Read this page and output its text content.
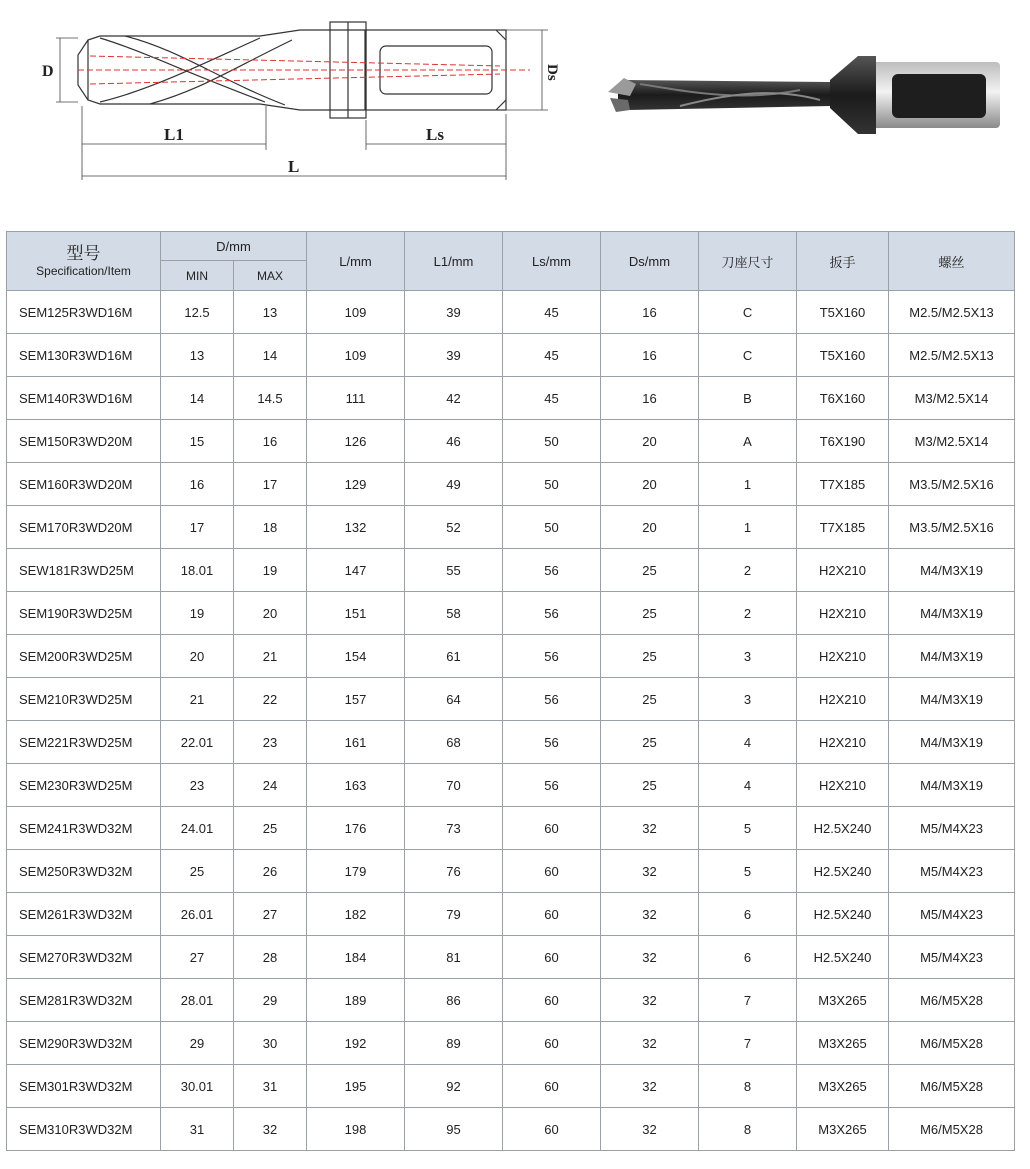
D	Ds
L1	Ls
L
型号
Specification/Item	D/mm		L/mm	L1/mm	Ls/mm	Ds/mm	刀座尺寸	扳手	螺丝
	MIN	MAX							
SEM125R3WD16M	12.5	13	109	39	45	16	C	T5X160	M2.5/M2.5X13
SEM130R3WD16M	13	14	109	39	45	16	C	T5X160	M2.5/M2.5X13
SEM140R3WD16M	14	14.5	111	42	45	16	B	T6X160	M3/M2.5X14
SEM150R3WD20M	15	16	126	46	50	20	A	T6X190	M3/M2.5X14
SEM160R3WD20M	16	17	129	49	50	20	1	T7X185	M3.5/M2.5X16
SEM170R3WD20M	17	18	132	52	50	20	1	T7X185	M3.5/M2.5X16
SEW181R3WD25M	18.01	19	147	55	56	25	2	H2X210	M4/M3X19
SEM190R3WD25M	19	20	151	58	56	25	2	H2X210	M4/M3X19
SEM200R3WD25M	20	21	154	61	56	25	3	H2X210	M4/M3X19
SEM210R3WD25M	21	22	157	64	56	25	3	H2X210	M4/M3X19
SEM221R3WD25M	22.01	23	161	68	56	25	4	H2X210	M4/M3X19
SEM230R3WD25M	23	24	163	70	56	25	4	H2X210	M4/M3X19
SEM241R3WD32M	24.01	25	176	73	60	32	5	H2.5X240	M5/M4X23
SEM250R3WD32M	25	26	179	76	60	32	5	H2.5X240	M5/M4X23
SEM261R3WD32M	26.01	27	182	79	60	32	6	H2.5X240	M5/M4X23
SEM270R3WD32M	27	28	184	81	60	32	6	H2.5X240	M5/M4X23
SEM281R3WD32M	28.01	29	189	86	60	32	7	M3X265	M6/M5X28
SEM290R3WD32M	29	30	192	89	60	32	7	M3X265	M6/M5X28
SEM301R3WD32M	30.01	31	195	92	60	32	8	M3X265	M6/M5X28
SEM310R3WD32M	31	32	198	95	60	32	8	M3X265	M6/M5X28
